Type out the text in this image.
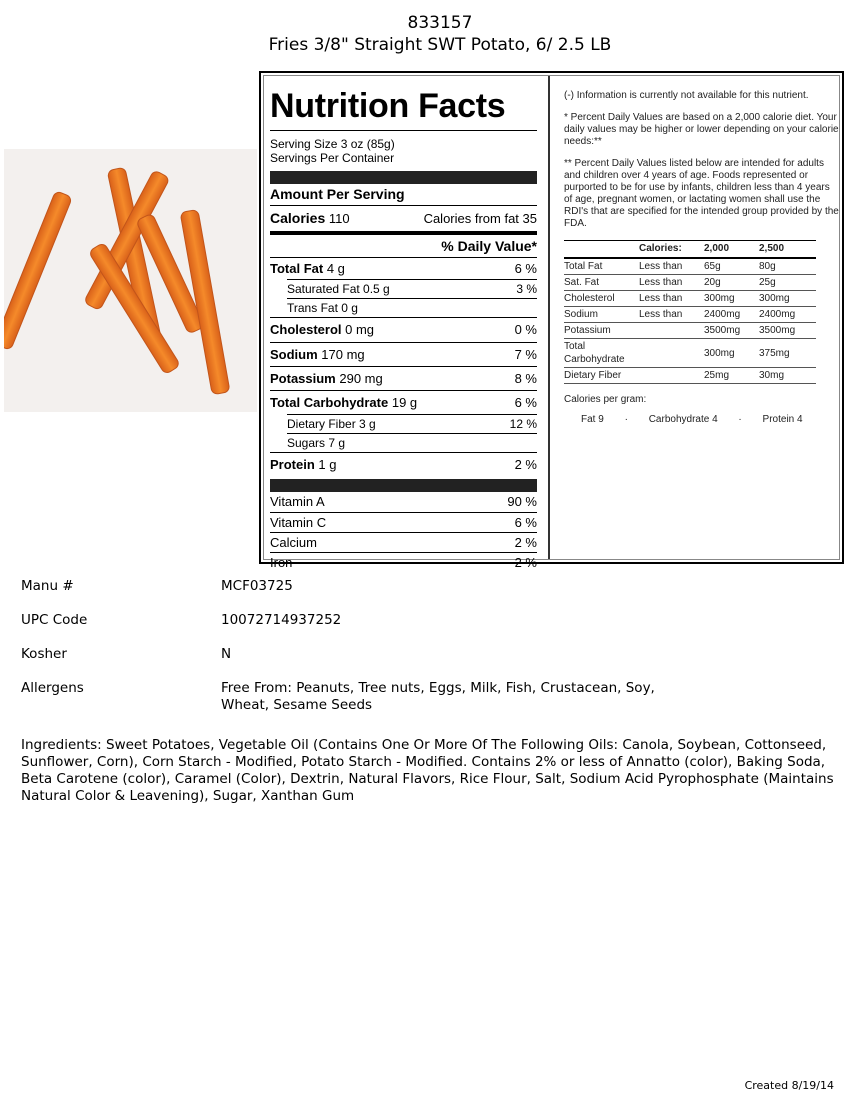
833157
Fries 3/8" Straight SWT Potato, 6/ 2.5 LB
Nutrition Facts
Serving Size 3 oz (85g)
Servings Per Container
Amount Per Serving
Calories 110	Calories from fat 35
% Daily Value*
Total Fat 4 g	6 %
Saturated Fat 0.5 g	3 %
Trans Fat 0 g
Cholesterol 0 mg	0 %
Sodium 170 mg	7 %
Potassium 290 mg	8 %
Total Carbohydrate 19 g	6 %
Dietary Fiber 3 g	12 %
Sugars 7 g
Protein 1 g	2 %
Vitamin A	90 %
Vitamin C	6 %
Calcium	2 %
Iron	2 %

(-) Information is currently not available for this nutrient.

* Percent Daily Values are based on a 2,000 calorie diet. Your daily values may be higher or lower depending on your calorie needs:**

** Percent Daily Values listed below are intended for adults and children over 4 years of age. Foods represented or purported to be for use by infants, children less than 4 years of age, pregnant women, or lactating women shall use the RDI's that are specified for the intended group provided by the FDA.

	Calories:	2,000	2,500
Total Fat	Less than	65g	80g
Sat. Fat	Less than	20g	25g
Cholesterol	Less than	300mg	300mg
Sodium	Less than	2400mg	2400mg
Potassium		3500mg	3500mg
Total Carbohydrate		300mg	375mg
Dietary Fiber		25mg	30mg
Calories per gram:
Fat 9 · Carbohydrate 4 · Protein 4
Manu #	MCF03725
UPC Code	10072714937252
Kosher	N
Allergens	Free From: Peanuts, Tree nuts, Eggs, Milk, Fish, Crustacean, Soy, Wheat, Sesame Seeds
Ingredients: Sweet Potatoes, Vegetable Oil (Contains One Or More Of The Following Oils: Canola, Soybean, Cottonseed, Sunflower, Corn), Corn Starch - Modified, Potato Starch - Modified. Contains 2% or less of Annatto (color), Baking Soda, Beta Carotene (color), Caramel (Color), Dextrin, Natural Flavors, Rice Flour, Salt, Sodium Acid Pyrophosphate (Maintains Natural Color & Leavening), Sugar, Xanthan Gum
Created 8/19/14
